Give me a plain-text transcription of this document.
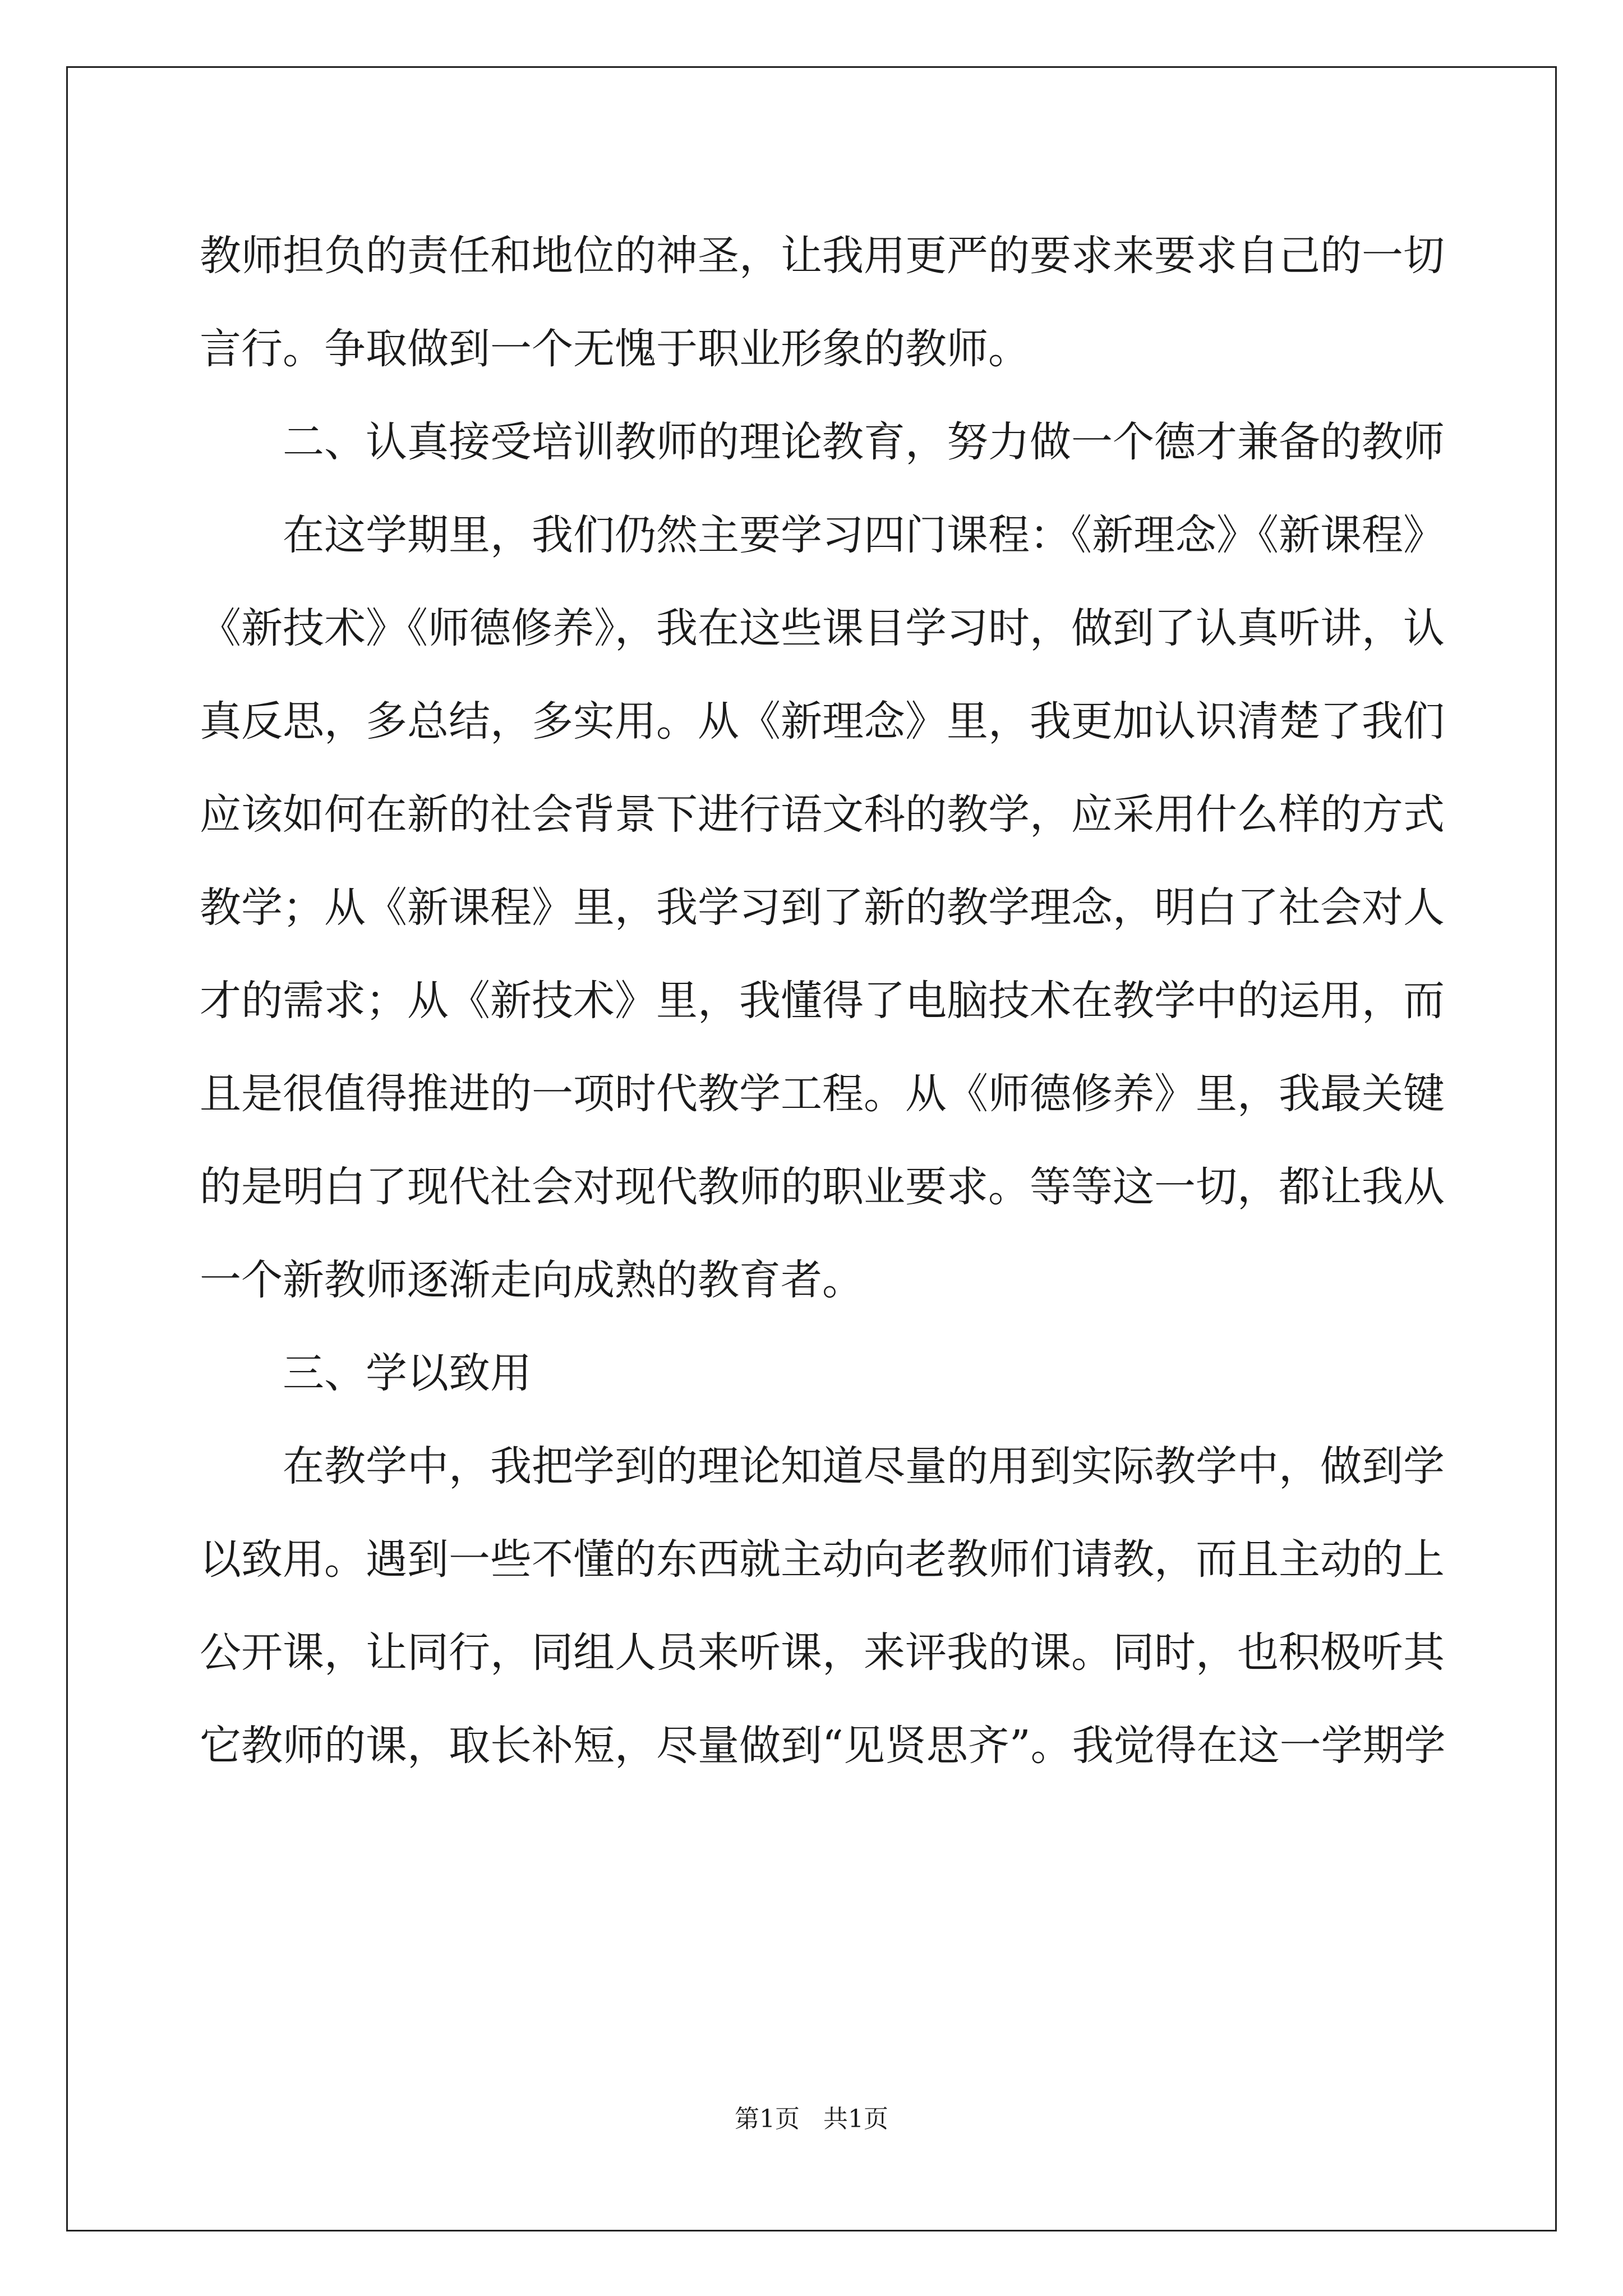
教师担负的责任和地位的神圣，让我用更严的要求来要求自己的一切
言行。争取做到一个无愧于职业形象的教师。
二、认真接受培训教师的理论教育，努力做一个德才兼备的教师
在这学期里，我们仍然主要学习四门课程：《新理念》《新课程》
《新技术》《师德修养》，我在这些课目学习时，做到了认真听讲，认
真反思，多总结，多实用。从《新理念》里，我更加认识清楚了我们
应该如何在新的社会背景下进行语文科的教学，应采用什么样的方式
教学；从《新课程》里，我学习到了新的教学理念，明白了社会对人
才的需求；从《新技术》里，我懂得了电脑技术在教学中的运用，而
且是很值得推进的一项时代教学工程。从《师德修养》里，我最关键
的是明白了现代社会对现代教师的职业要求。等等这一切，都让我从
一个新教师逐渐走向成熟的教育者。
三、学以致用
在教学中，我把学到的理论知道尽量的用到实际教学中，做到学
以致用。遇到一些不懂的东西就主动向老教师们请教，而且主动的上
公开课，让同行，同组人员来听课，来评我的课。同时，也积极听其
它教师的课，取长补短，尽量做到“见贤思齐”。我觉得在这一学期学
第1页   共1页
